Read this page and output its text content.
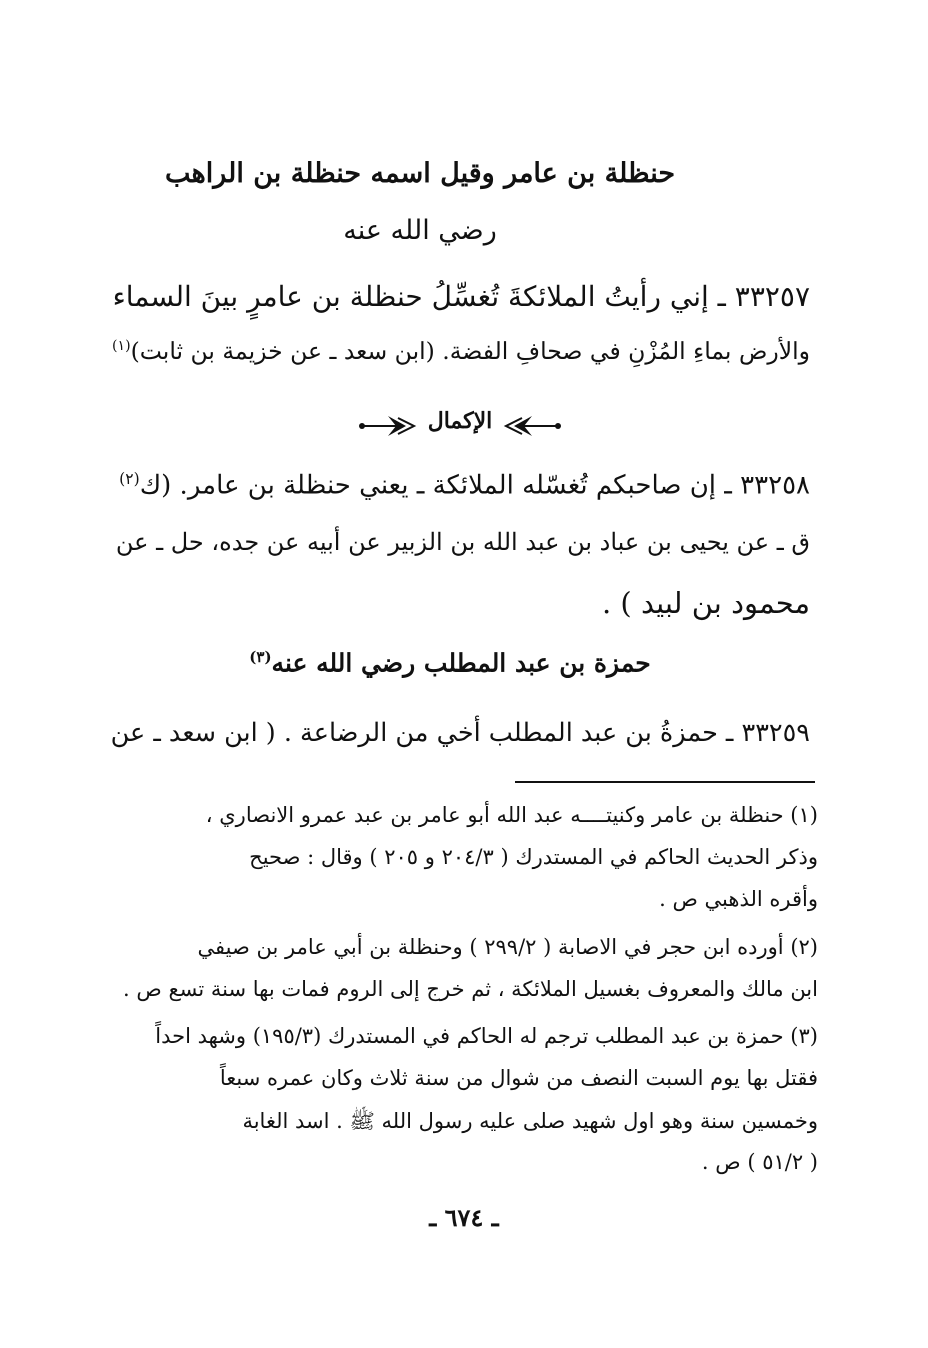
حنظلة بن عامر وقيل اسمه حنظلة بن الراهب
رضي الله عنه
٣٣٢٥٧ ـ إني رأيتُ الملائكةَ تُغسِّلُ حنظلة بن عامرٍ بينَ السماء
والأرض بماءِ المُزْنِ في صحافِ الفضة. (ابن سعد ـ عن خزيمة بن ثابت)$^{(١)}$
الإكمال
٣٣٢٥٨ ـ إن صاحبكم تُغسّله الملائكة ـ يعني حنظلة بن عامر. (ك$^{(٢)}$
ق ـ عن يحيى بن عباد بن عبد الله بن الزبير عن أبيه عن جده، حل ـ عن
محمود بن لبيد ) .
حمزة بن عبد المطلب رضي الله عنه$^{(٣)}$
٣٣٢٥٩ ـ حمزةُ بن عبد المطلب أخي من الرضاعة . ( ابن سعد ـ عن
(١) حنظلة بن عامر وكنيتــــه عبد الله أبو عامر بن عبد عمرو الانصاري ،
وذكر الحديث الحاكم في المستدرك ( ٢٠٤/٣ و ٢٠٥ ) وقال : صحيح
وأقره الذهبي ص .
(٢) أورده ابن حجر في الاصابة ( ٢٩٩/٢ ) وحنظلة بن أبي عامر بن صيفي
ابن مالك والمعروف بغسيل الملائكة ، ثم خرج إلى الروم فمات بها سنة تسع ص .
(٣) حمزة بن عبد المطلب ترجم له الحاكم في المستدرك (١٩٥/٣) وشهد احداً
فقتل بها يوم السبت النصف من شوال من سنة ثلاث وكان عمره سبعاً
وخمسين سنة وهو اول شهيد صلى عليه رسول الله ﷺ . اسد الغابة
( ٥١/٢ ) ص .
ـ ٦٧٤ ـ
